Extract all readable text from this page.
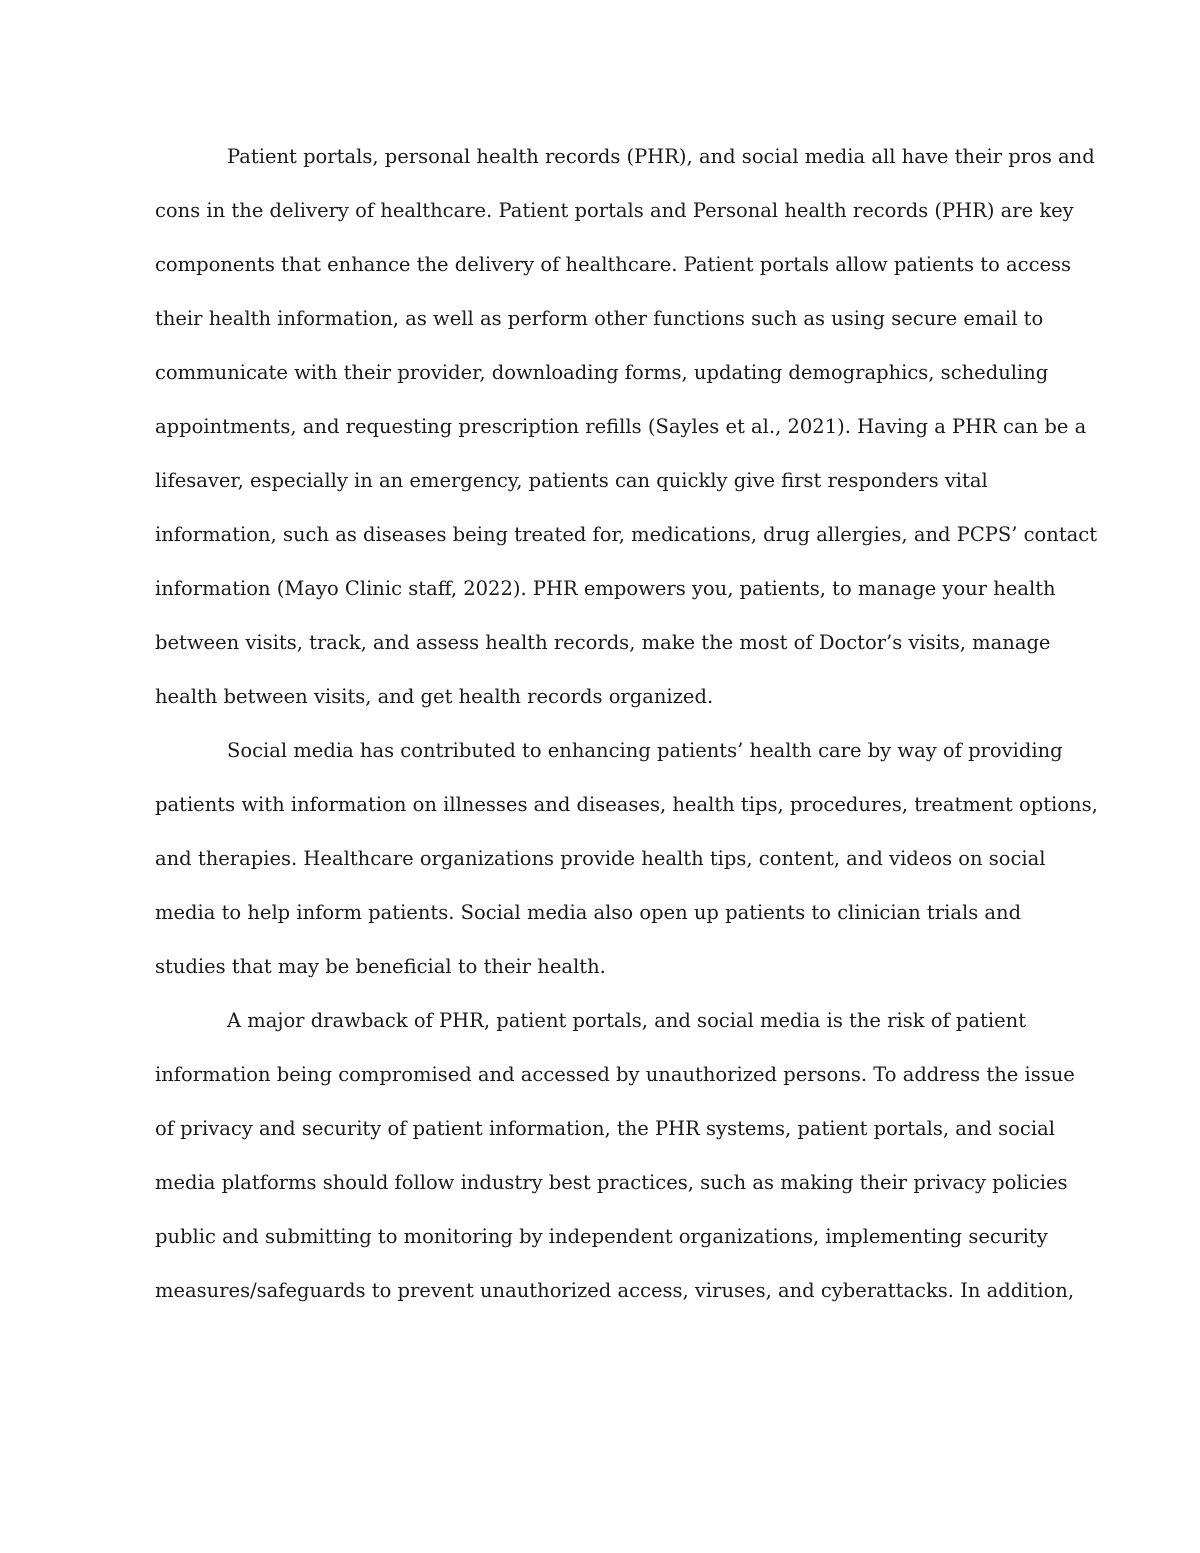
Patient portals, personal health records (PHR), and social media all have their pros and

cons in the delivery of healthcare. Patient portals and Personal health records (PHR) are key

components that enhance the delivery of healthcare. Patient portals allow patients to access

their health information, as well as perform other functions such as using secure email to

communicate with their provider, downloading forms, updating demographics, scheduling

appointments, and requesting prescription refills (Sayles et al., 2021). Having a PHR can be a

lifesaver, especially in an emergency, patients can quickly give first responders vital

information, such as diseases being treated for, medications, drug allergies, and PCPS’ contact

information (Mayo Clinic staff, 2022). PHR empowers you, patients, to manage your health

between visits, track, and assess health records, make the most of Doctor’s visits, manage

health between visits, and get health records organized.

Social media has contributed to enhancing patients’ health care by way of providing

patients with information on illnesses and diseases, health tips, procedures, treatment options,

and therapies. Healthcare organizations provide health tips, content, and videos on social

media to help inform patients. Social media also open up patients to clinician trials and

studies that may be beneficial to their health.

A major drawback of PHR, patient portals, and social media is the risk of patient

information being compromised and accessed by unauthorized persons. To address the issue

of privacy and security of patient information, the PHR systems, patient portals, and social

media platforms should follow industry best practices, such as making their privacy policies

public and submitting to monitoring by independent organizations, implementing security

measures/safeguards to prevent unauthorized access, viruses, and cyberattacks. In addition,
